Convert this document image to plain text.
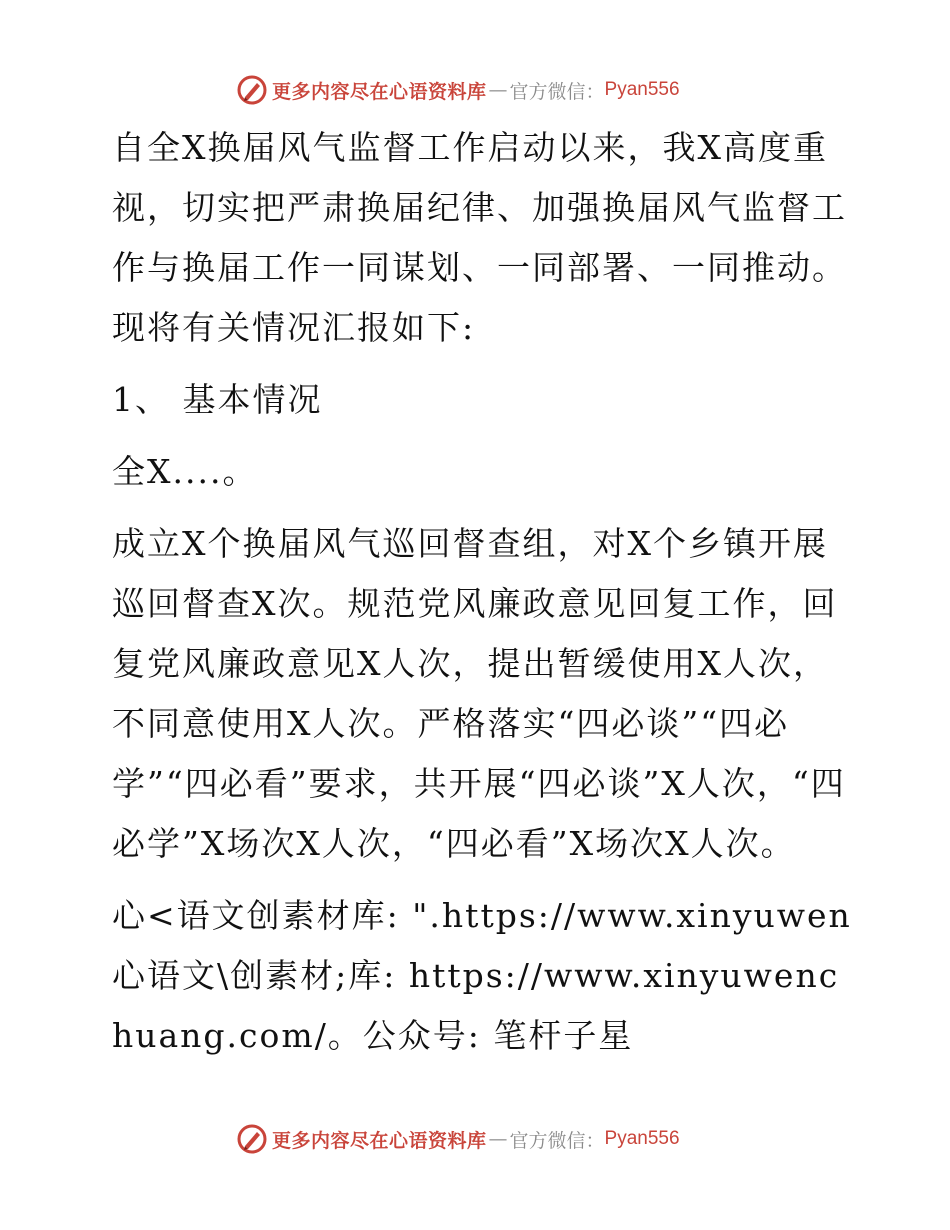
更多内容尽在心语资料库 — 官方微信： Pyan556

自全X换届风气监督工作启动以来，我X高度重视，切实把严肃换届纪律、加强换届风气监督工作与换届工作一同谋划、一同部署、一同推动。现将有关情况汇报如下:

1、 基本情况

全X....。

成立X个换届风气巡回督查组，对X个乡镇开展巡回督查X次。规范党风廉政意见回复工作，回复党风廉政意见X人次，提出暂缓使用X人次，不同意使用X人次。严格落实“四必谈”“四必学”“四必看”要求，共开展“四必谈”X人次，“四必学”X场次X人次，“四必看”X场次X人次。

心<语文创素材库: ".https://www.xinyuwen心语文\创素材;库: https://www.xinyuwenchuang.com/。公众号: 笔杆子星

更多内容尽在心语资料库 — 官方微信： Pyan556
